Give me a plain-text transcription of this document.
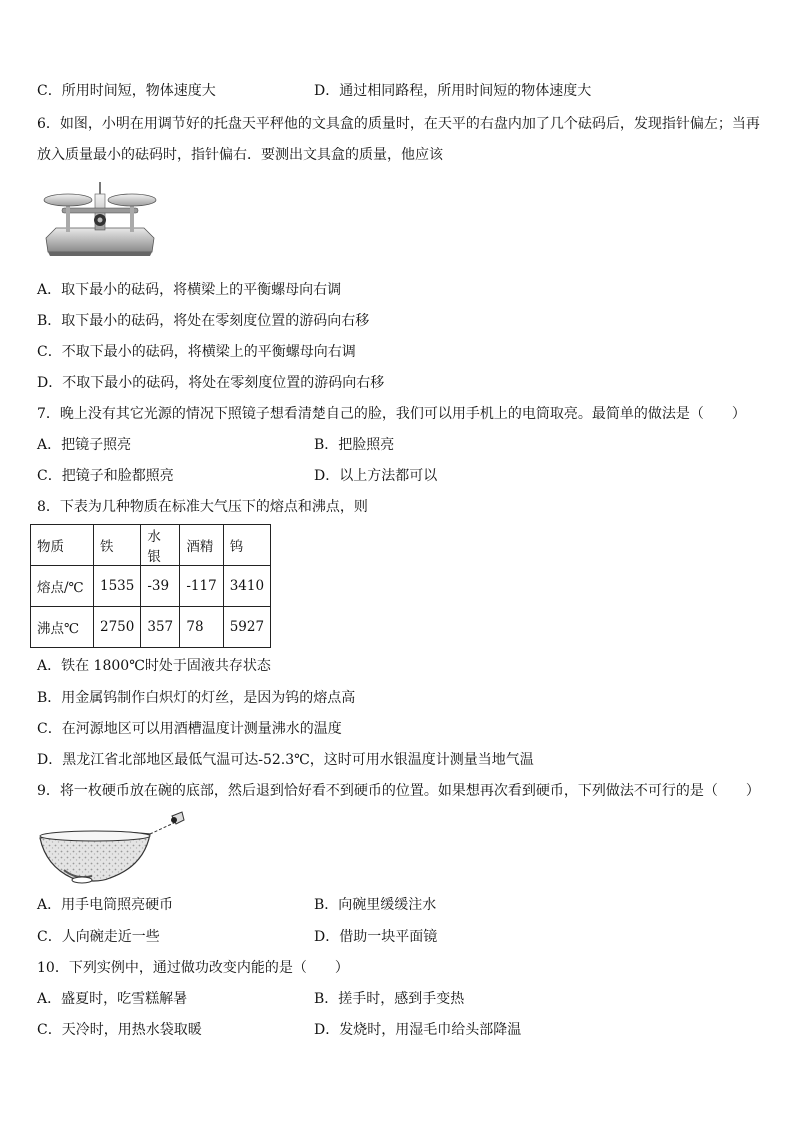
C．所用时间短，物体速度大	D．通过相同路程，所用时间短的物体速度大
6．如图，小明在用调节好的托盘天平秤他的文具盒的质量时，在天平的右盘内加了几个砝码后，发现指针偏左；当再
放入质量最小的砝码时，指针偏右．要测出文具盒的质量，他应该
A．取下最小的砝码，将横梁上的平衡螺母向右调
B．取下最小的砝码，将处在零刻度位置的游码向右移
C．不取下最小的砝码，将横梁上的平衡螺母向右调
D．不取下最小的砝码，将处在零刻度位置的游码向右移
7．晚上没有其它光源的情况下照镜子想看清楚自己的脸，我们可以用手机上的电筒取亮。最简单的做法是（　　）
A．把镜子照亮	B．把脸照亮
C．把镜子和脸都照亮	D．以上方法都可以
8．下表为几种物质在标准大气压下的熔点和沸点，则
物质	铁	水银	酒精	钨
熔点/℃	1535	-39	-117	3410
沸点℃	2750	357	78	5927
A．铁在 1800℃时处于固液共存状态
B．用金属钨制作白炽灯的灯丝，是因为钨的熔点高
C．在河源地区可以用酒槽温度计测量沸水的温度
D．黑龙江省北部地区最低气温可达-52.3℃，这时可用水银温度计测量当地气温
9．将一枚硬币放在碗的底部，然后退到恰好看不到硬币的位置。如果想再次看到硬币，下列做法不可行的是（　　）
A．用手电筒照亮硬币	B．向碗里缓缓注水
C．人向碗走近一些	D．借助一块平面镜
10．下列实例中，通过做功改变内能的是（　　）
A．盛夏时，吃雪糕解暑	B．搓手时，感到手变热
C．天冷时，用热水袋取暖	D．发烧时，用湿毛巾给头部降温
